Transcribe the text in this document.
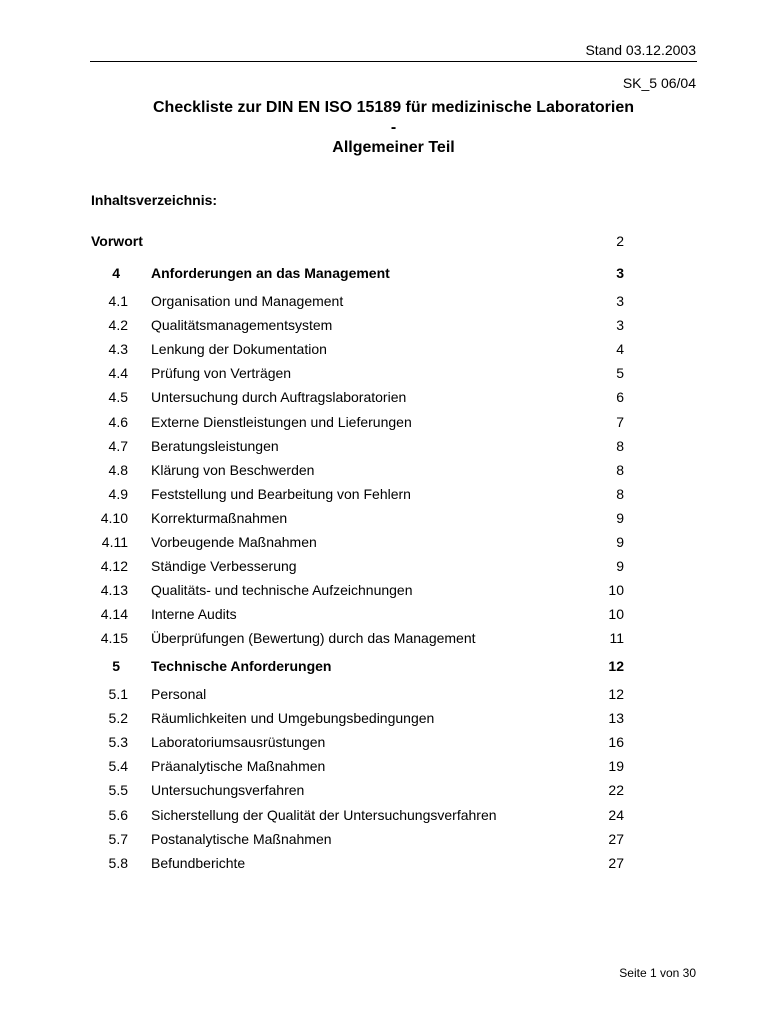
Stand 03.12.2003
SK_5 06/04
Checkliste zur DIN EN ISO 15189 für medizinische Laboratorien
-
Allgemeiner Teil
Inhaltsverzeichnis:
Vorwort	2
4 Anforderungen an das Management	3
4.1 Organisation und Management	3
4.2 Qualitätsmanagementsystem	3
4.3 Lenkung der Dokumentation	4
4.4 Prüfung von Verträgen	5
4.5 Untersuchung durch Auftragslaboratorien	6
4.6 Externe Dienstleistungen und Lieferungen	7
4.7 Beratungsleistungen	8
4.8 Klärung von Beschwerden	8
4.9 Feststellung und Bearbeitung von Fehlern	8
4.10 Korrekturmaßnahmen	9
4.11 Vorbeugende Maßnahmen	9
4.12 Ständige Verbesserung	9
4.13 Qualitäts- und technische Aufzeichnungen	10
4.14 Interne Audits	10
4.15 Überprüfungen (Bewertung) durch das Management	11
5 Technische Anforderungen	12
5.1 Personal	12
5.2 Räumlichkeiten und Umgebungsbedingungen	13
5.3 Laboratoriumsausrüstungen	16
5.4 Präanalytische Maßnahmen	19
5.5 Untersuchungsverfahren	22
5.6 Sicherstellung der Qualität der Untersuchungsverfahren	24
5.7 Postanalytische Maßnahmen	27
5.8 Befundberichte	27
Seite 1 von 30
